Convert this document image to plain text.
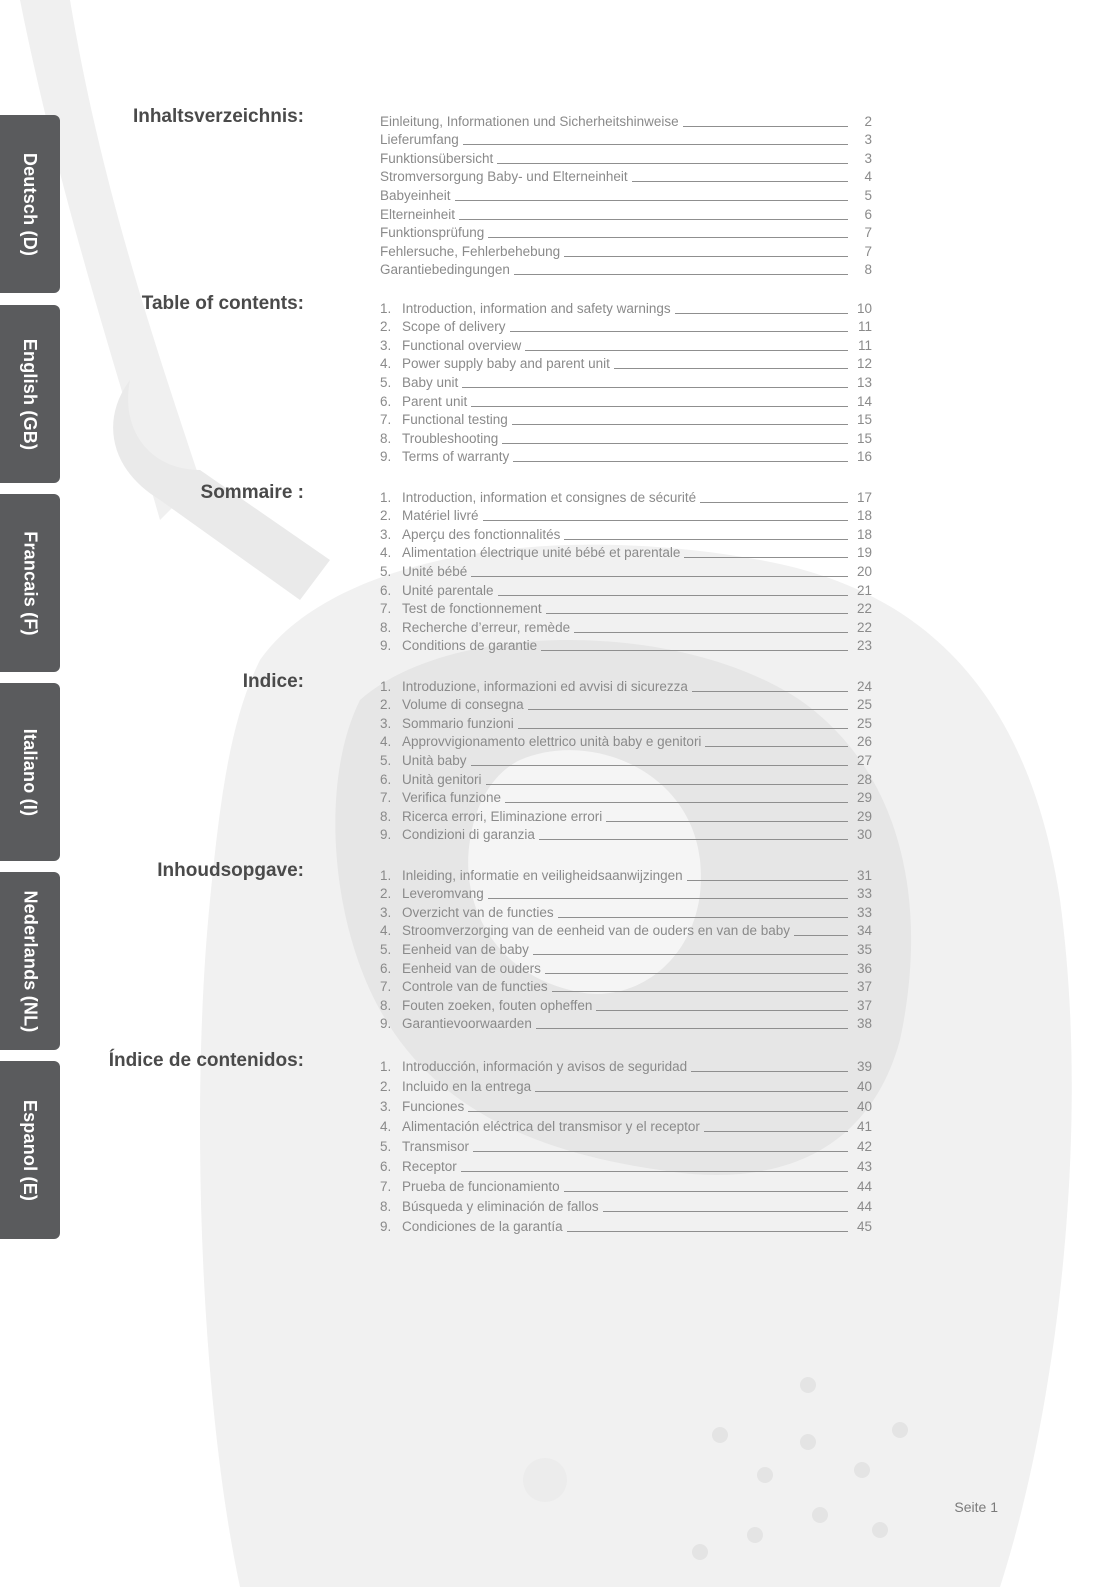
Deutsch (D)
English (GB)
Francais (F)
Italiano (I)
Nederlands (NL)
Espanol (E)
Inhaltsverzeichnis:	Einleitung, Informationen und Sicherheitshinweise	2
Lieferumfang	3
Funktionsübersicht	3
Stromversorgung Baby- und Elterneinheit	4
Babyeinheit	5
Elterneinheit	6
Funktionsprüfung	7
Fehlersuche, Fehlerbehebung	7
Garantiebedingungen	8
Table of contents:	1. Introduction, information and safety warnings	10
2. Scope of delivery	11
3. Functional overview	11
4. Power supply baby and parent unit	12
5. Baby unit	13
6. Parent unit	14
7. Functional testing	15
8. Troubleshooting	15
9. Terms of warranty	16
Sommaire :	1. Introduction, information et consignes de sécurité	17
2. Matériel livré	18
3. Aperçu des fonctionnalités	18
4. Alimentation électrique unité bébé et parentale	19
5. Unité bébé	20
6. Unité parentale	21
7. Test de fonctionnement	22
8. Recherche d’erreur, remède	22
9. Conditions de garantie	23
Indice:	1. Introduzione, informazioni ed avvisi di sicurezza	24
2. Volume di consegna	25
3. Sommario funzioni	25
4. Approvvigionamento elettrico unità baby e genitori	26
5. Unità baby	27
6. Unità genitori	28
7. Verifica funzione	29
8. Ricerca errori, Eliminazione errori	29
9. Condizioni di garanzia	30
Inhoudsopgave:	1. Inleiding, informatie en veiligheidsaanwijzingen	31
2. Leveromvang	33
3. Overzicht van de functies	33
4. Stroomverzorging van de eenheid van de ouders en van de baby	34
5. Eenheid van de baby	35
6. Eenheid van de ouders	36
7. Controle van de functies	37
8. Fouten zoeken, fouten opheffen	37
9. Garantievoorwaarden	38
Índice de contenidos:	1. Introducción, información y avisos de seguridad	39
2. Incluido en la entrega	40
3. Funciones	40
4. Alimentación eléctrica del transmisor y el receptor	41
5. Transmisor	42
6. Receptor	43
7. Prueba de funcionamiento	44
8. Búsqueda y eliminación de fallos	44
9. Condiciones de la garantía	45
Seite 1
